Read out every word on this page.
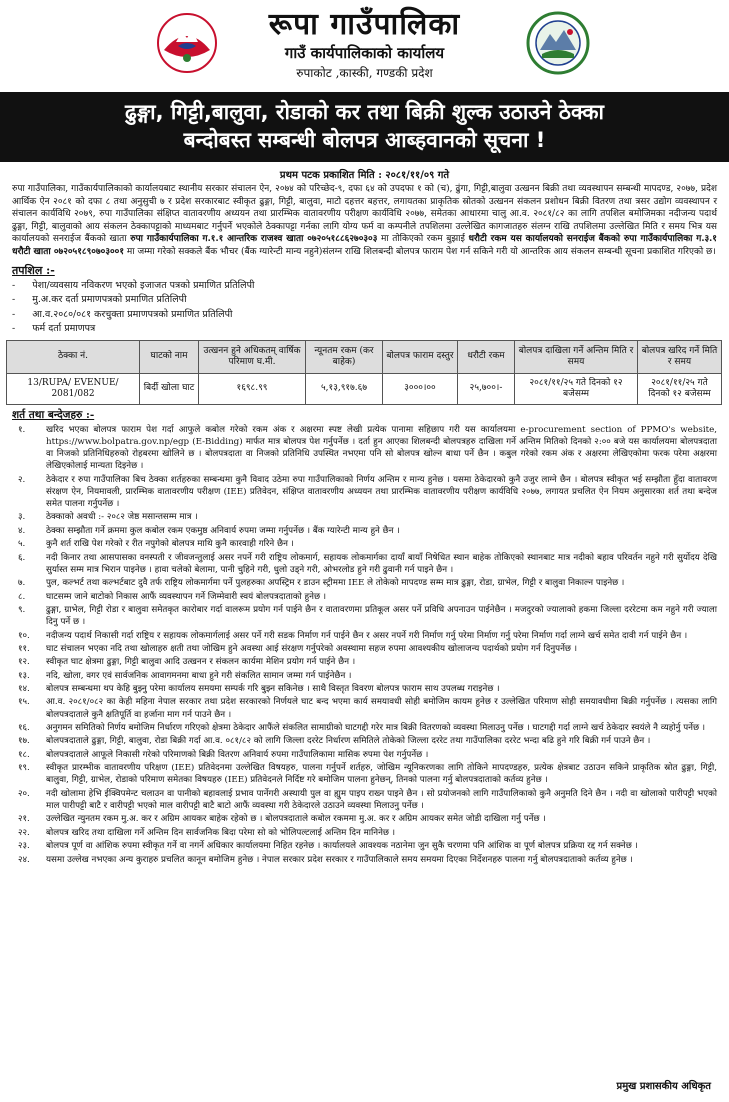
रूपा गाउँपालिका

गाउँ कार्यपालिकाको कार्यालय

रुपाकोट ,कास्की, गण्डकी प्रदेश

ढुङ्गा, गिट्टी,बालुवा, रोडाको कर तथा बिक्री शुल्क उठाउने ठेक्का
बन्दोबस्त सम्बन्धी बोलपत्र आब्हवानको सूचना !
प्रथम पटक प्रकाशित मिति : २०८१/११/०९ गते

रुपा गाउँपालिका, गाउँकार्यपालिकाको कार्यालयबाट स्थानीय सरकार संचालन ऐन, २०७४ को परिच्छेद-९, दफा ६४ को उपदफा १ को (च), ढुंगा, गिट्टी,बालुवा उत्खनन बिक्री तथा व्यवस्थापन सम्बन्धी मापदण्ड, २०७७, प्रदेश आर्थिक ऐन २०८१ को दफा ८ तथा अनुसुची ७ र प्रदेश सरकारबाट स्वीकृत ढुङ्गा, गिट्टी, बालुवा, माटो दहत्तर बहत्तर, लगायतका प्राकृतिक स्रोतको उत्खनन संकलन प्रशोधन बिक्री वितरण तथा त्रसर उद्योग व्यवस्थापन र संचालन कार्यविधि २०७९, रुपा गाउँपालिका संक्षिप्त वातावरणीय अध्ययन तथा प्रारम्भिक वातावरणीय परीक्षण कार्यविधि २०७७, समेतका आधारमा चालु आ.व. २०८१/८२ का लागि तपशिल बमोजिमका नदीजन्य पदार्थ ढुङ्गा, गिट्टी, बालुवाको आय संकलन ठेक्कापट्टाको माध्यमबाट गर्नुपर्ने भएकोले ठेक्कापट्टा गर्नका लागि योग्य फर्म वा कम्पनीले तपशिलमा उल्लेखित कागजातहरु संलग्न राखि तपशिलमा उल्लेखित मिति र समय भित्र यस कार्यालयको सनराईज बैंकको खाता रुपा गाउँकार्यपालिका ग.१.१ आन्तरिक राजश्व खाता ०७२०५१८८६२७०३०३ मा तोकिएको रकम बुझाई धरौटी रकम यस कार्यालयको सनराईज बैंकको रुपा गाउँकार्यपालिका ग.३.१ धरौटी खाता ०७२०५१८९०७०३००१ मा जम्मा गरेको सक्कले बैंक भौचर (बैंक ग्यारेन्टी मान्य नहुने)संलग्न राखि शिलबन्दी बोलपत्र फाराम पेश गर्न सकिने गरी यो आन्तरिक आय संकलन सम्बन्धी सूचना प्रकाशित गरिएको छ।

तपशिल :-
- पेशा/व्यवसाय नविकरण भएको इजाजत पत्रको प्रमाणित प्रतिलिपी
- मु.अ.कर दर्ता प्रमाणपत्रको प्रमाणित प्रतिलिपी
- आ.व.२०८०/०८१ करचुक्ता प्रमाणपत्रको प्रमाणित प्रतिलिपी
- फर्म दर्ता प्रमाणपत्र
ठेक्का नं.	घाटको नाम	उत्खनन हुने अधिकतम् वार्षिक परिमाण घ.मी.	न्यूनतम रकम (कर बाहेक)	बोलपत्र फाराम दस्तुर	धरौटी रकम	बोलपत्र दाखिला गर्ने अन्तिम मिति र समय	बोलपत्र खरिद गर्ने मिति र समय
13/RUPA/ EVENUE/ 2081/082	बिर्दी खोला घाट	१६९८.९९	५,१३,९१७.६७	३०००।००	२५,७००।-	२०८१/११/२५ गते दिनको १२ बजेसम्म	२०८१/११/२५ गते दिनको १२ बजेसम्म
शर्त तथा बन्देजहरु :-
१.	खरिद भएका बोलपत्र फाराम पेश गर्दा आफुले कबोल गरेको रकम अंक र अक्षरमा स्पष्ट लेखी प्रत्येक पानामा सहिछाप गरी यस कार्यालयमा e-procurement section of PPMO's website, https://www.bolpatra.gov.np/egp (E-Bidding) मार्फत मात्र बोलपत्र पेश गर्नुपर्नेछ । दर्ता हुन आएका शिलबन्दी बोलपत्रहरु दाखिला गर्ने अन्तिम मितिको दिनको २:०० बजे यस कार्यालयमा बोलपत्रदाता वा निजको प्रतिनिधिहरुको रोहबरमा खोलिने छ । बोलपत्रदाता वा निजको प्रतिनिधि उपस्थित नभएमा पनि सो बोलपत्र खोल्न बाधा पर्ने छैन । कबुल गरेको रकम अंक र अक्षरमा लेखिएकोमा फरक परेमा अक्षरमा लेखिएकोलाई मान्यता दिइनेछ ।
२.	ठेकेदार र रुपा गाउँपालिका बिच ठेक्का शर्तहरुका सम्बन्धमा कुनै विवाद उठेमा रुपा गाउँपालिकाको निर्णय अन्तिम र मान्य हुनेछ । यसमा ठेकेदारको कुनै उजुर लाग्ने छैन । बोलपत्र स्वीकृत भई सम्झौता हुँदा वातावरण संरक्षण ऐन, नियमावली, प्रारम्भिक वातावरणीय परीक्षण (IEE) प्रतिवेदन, संक्षिप्त वातावरणीय अध्ययन तथा प्रारम्भिक वातावरणीय परीक्षण कार्यविधि २०७७, लगायत प्रचलित ऐन नियम अनुसारका शर्त तथा बन्देज समेत पालना गर्नुपर्नेछ ।
३.	ठेक्काको अवधी :- २०८२ जेष्ठ मसान्तसम्म मात्र ।
४.	ठेक्का सम्झौता गर्ने क्रममा कुल कबोल रकम एकमुष्ठ अनिवार्य रुपमा जम्मा गर्नुपर्नेछ । बैंक ग्यारेन्टी मान्य हुने छैन ।
५.	कुनै शर्त राखि पेश गरेको र रीत नपुगेको बोलपत्र माथि कुनै कारवाही गरिने छैन ।
६.	नदी किनार तथा आसपासका वनस्पती र जीवजन्तुलाई असर नपर्ने गरी राष्ट्रिय लोकमार्ग, सहायक लोकमार्गका दायाँ बायाँ निषेधित स्थान बाहेक तोकिएको स्थानबाट मात्र नदीको बहाव परिवर्तन नहुने गरी सुर्योदय देखि सुर्यास्त सम्म मात्र भिरान पाइनेछ । हावा चलेको बेलामा, पानी चुहिने गरी, धुलो उड्ने गरी, ओभरलोड हुने गरी ढुवानी गर्न पाइने छैन ।
७.	पुल, कल्भर्ट तथा कल्भर्टबाट दुवै तर्फ राष्ट्रिय लोकमार्गमा पर्ने पुलहरुका अपस्ट्रिम र डाउन स्ट्रीममा IEE ले तोकेको मापदण्ड सम्म मात्र ढुङ्गा, रोडा, ग्राभेल, गिट्टी र बालुवा निकाल्न पाइनेछ ।
८.	घाटसम्म जाने बाटोको निकास आफैं व्यवस्थापन गर्ने जिम्मेवारी स्वयं बोलपत्रदाताको हुनेछ ।
९.	ढुङ्गा, ग्राभेल, गिट्टी रोडा र बालुवा समेतकृत कारोबार गर्दा वालरूम प्रयोग गर्न पाईने छैन र वातावरणमा प्रतिकूल असर पर्ने प्रविधि अपनाउन पाईनेछैन । मजदुरको ज्यालाको हकमा जिल्ला दररेटमा कम नहुने गरी ज्याला दिनु पर्ने छ ।
१०.	नदीजन्य पदार्थ निकासी गर्दा राष्ट्रिय र सहायक लोकमार्गलाई असर पर्ने गरी सडक निर्माण गर्न पाईने छैन र असर नपर्ने गरी निर्माण गर्नु परेमा निर्माण गर्नु परेमा निर्माण गर्दा लाग्ने खर्च समेत दावी गर्न पाईने छैन ।
११.	घाट संचालन भएका नदि तथा खोलाहरु क्षती तथा जोखिम हुने अवस्था आई संरक्षण गर्नुपरेको अवस्थामा सहज रुपमा आवश्यकीय खोलाजन्य पदार्थको प्रयोग गर्न दिनुपर्नेछ ।
१२.	स्वीकृत घाट क्षेत्रमा ढुङ्गा, गिट्टी बालुवा आदि उत्खनन र संकलन कार्यमा मेशिन प्रयोग गर्न पाईने छैन ।
१३.	नदि, खोला, वगर एवं सार्वजनिक आवागमनमा बाधा हुने गरी संकलित सामान जम्मा गर्न पाईनेछैन ।
१४.	बोलपत्र सम्बन्धमा थप केहि बुझ्नु परेमा कार्यालय समयमा सम्पर्क गरि बुझ्न सकिनेछ । साथै विस्तृत विवरण बोलपत्र फाराम साथ उपलब्ध गराइनेछ ।
१५.	आ.व. २०८१/०८२ का केही महिना नेपाल सरकार तथा प्रदेश सरकारको निर्णयले घाट बन्द भएमा कार्य समयावधी सोही बमोजिम कायम हुनेछ र उल्लेखित परिमाण सोही समयावधीमा बिक्री गर्नुपर्नेछ । त्यसका लागि बोलपत्रदाताले कुनै क्षतिपूर्ति वा हर्जाना माग गर्न पाउने छैन ।
१६.	अनुगमन समितिको निर्णय बमोजिम निर्धारण गरिएको क्षेत्रमा ठेकेदार आफैंले संकलित सामाग्रीको घाटगद्दी गरेर मात्र बिक्री वितरणको व्यवस्था मिलाउनु पर्नेछ । घाटगद्दी गर्दा लाग्ने खर्च ठेकेदार स्वयंले नै व्यहोर्नु पर्नेछ ।
१७.	बोलपत्रदाताले ढुङ्गा, गिट्टी, बालुवा, रोडा बिक्री गर्दा आ.व. ०८१/८२ को लागि जिल्ला दररेट निर्धारण समितिले तोकेको जिल्ला दररेट तथा गाउँपालिका दररेट भन्दा बढि हुने गरि बिक्री गर्न पाउने छैन ।
१८.	बोलपत्रदाताले आफूले निकासी गरेको परिमाणको बिक्री वितरण अनिवार्य रुपमा गाउँपालिकामा मासिक रुपमा पेश गर्नुपर्नेछ ।
१९.	स्वीकृत प्रारम्भीक वातावरणीय परिक्षण (IEE) प्रतिवेदनमा उल्लेखित विषयहरु, पालना गर्नुपर्ने शर्तहरु, जोखिम न्यूनिकरणका लागि तोकिने मापदण्डहरु, प्रत्येक क्षेत्रबाट उठाउन सकिने प्राकृतिक स्रोत ढुङ्गा, गिट्टी, बालुवा, गिट्टी, ग्राभेल, रोडाको परिमाण समेतका विषयहरु (IEE) प्रतिवेदनले निर्दिष्ट गरे बमोजिम पालना हुनेछन्, तिनको पालना गर्नु बोलपत्रदाताको कर्तव्य हुनेछ ।
२०.	नदी खोलामा हेभि ईक्विपमेन्ट चलाउन वा पानीको बहावलाई प्रभाव पार्नेगरी अस्थायी पुल वा ह्युम पाइप राख्न पाइने छैन । सो प्रयोजनको लागि गाउँपालिकाको कुनै अनुमति दिने छैन । नदी वा खोलाको पारीपट्टी भएको माल पारीपट्टी बाटै र वारीपट्टी भएको माल वारीपट्टी बाटै बाटो आफैं व्यवस्था गरी ठेकेदारले उठाउने व्यवस्था मिलाउनु पर्नेछ ।
२१.	उल्लेखित न्युनतम रकम मु.अ. कर र अग्रिम आयकर बाहेक रहेको छ । बोलपत्रदाताले कबोल रकममा मु.अ. कर र अग्रिम आयकर समेत जोडी दाखिला गर्नु पर्नेछ ।
२२.	बोलपत्र खरिद तथा दाखिला गर्ने अन्तिम दिन सार्वजनिक बिदा परेमा सो को भोलिपल्टलाई अन्तिम दिन मानिनेछ ।
२३.	बोलपत्र पूर्ण वा आंशिक रुपमा स्वीकृत गर्ने वा नगर्ने अधिकार कार्यालयमा निहित रहनेछ । कार्यालयले आवश्यक नठानेमा जुन सुकै चरणमा पनि आंशिक वा पूर्ण बोलपत्र प्रक्रिया रद्द गर्न सक्नेछ ।
२४.	यसमा उल्लेख नभएका अन्य कुराहरु प्रचलित कानून बमोजिम हुनेछ । नेपाल सरकार प्रदेश सरकार र गाउँपालिकाले समय समयमा दिएका निर्देशनहरु पालना गर्नु बोलपत्रदाताको कर्तव्य हुनेछ ।
प्रमुख प्रशासकीय अधिकृत
